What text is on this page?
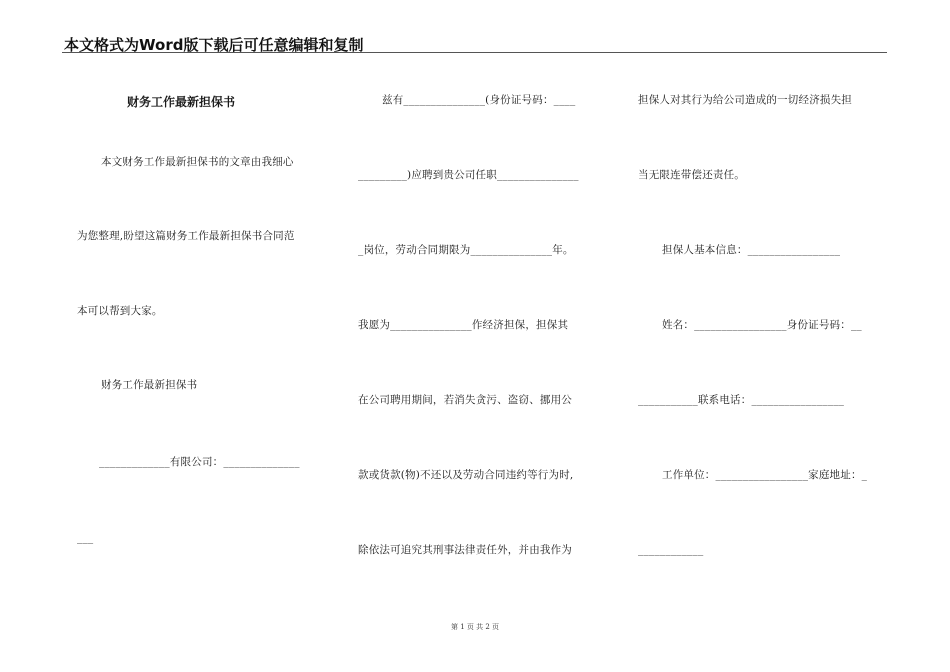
本文格式为Word版下载后可任意编辑和复制
财务工作最新担保书
本文财务工作最新担保书的文章由我细心
为您整理,盼望这篇财务工作最新担保书合同范
本可以帮到大家。
财务工作最新担保书
_____________有限公司：______________
___
兹有_______________(身份证号码：____
_________)应聘到贵公司任职_______________
_岗位，劳动合同期限为_______________年。
我愿为_______________作经济担保，担保其
在公司聘用期间，若消失贪污、盗窃、挪用公
款或货款(物)不还以及劳动合同违约等行为时,
除依法可追究其刑事法律责任外，并由我作为
担保人对其行为给公司造成的一切经济损失担
当无限连带偿还责任。
担保人基本信息：_________________
姓名：_________________身份证号码：__
___________联系电话：_________________
工作单位：_________________家庭地址：_
____________
第 1 页 共 2 页
